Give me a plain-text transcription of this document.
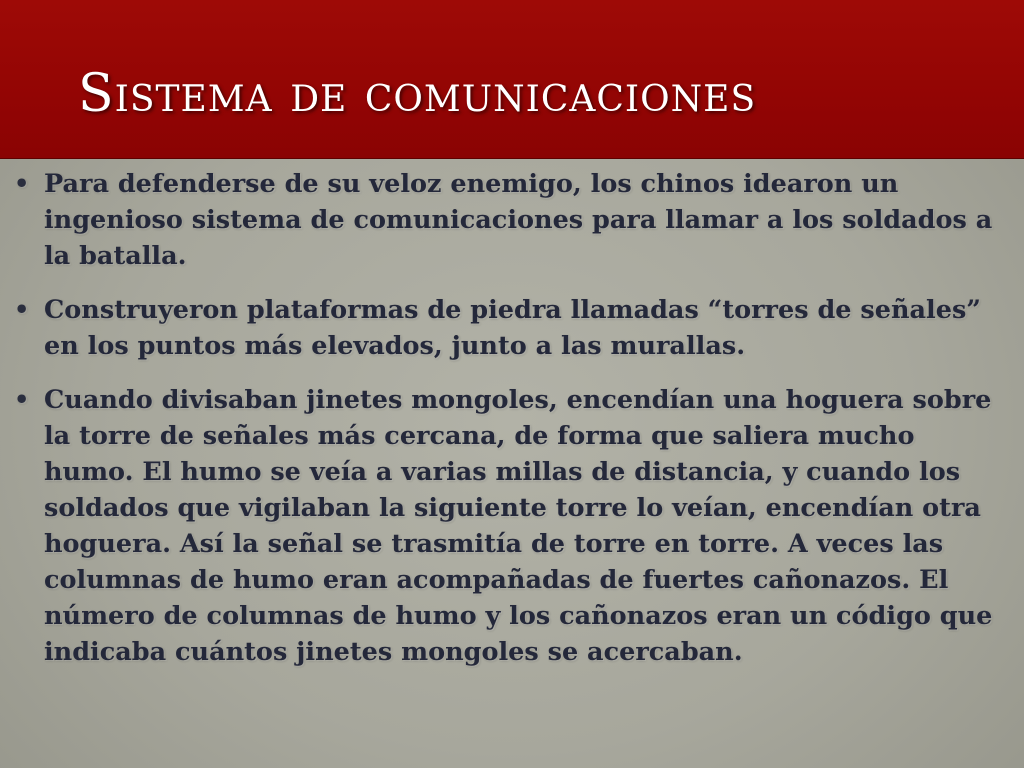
Sistema de comunicaciones
• Para defenderse de su veloz enemigo, los chinos idearon un ingenioso sistema de comunicaciones para llamar a los soldados a la batalla.
• Construyeron plataformas de piedra llamadas “torres de señales” en los puntos más elevados, junto a las murallas.
• Cuando divisaban jinetes mongoles, encendían una hoguera sobre la torre de señales más cercana, de forma que saliera mucho humo. El humo se veía a varias millas de distancia, y cuando los soldados que vigilaban la siguiente torre lo veían, encendían otra hoguera. Así la señal se trasmitía de torre en torre. A veces las columnas de humo eran acompañadas de fuertes cañonazos. El número de columnas de humo y los cañonazos eran un código que indicaba cuántos jinetes mongoles se acercaban.
